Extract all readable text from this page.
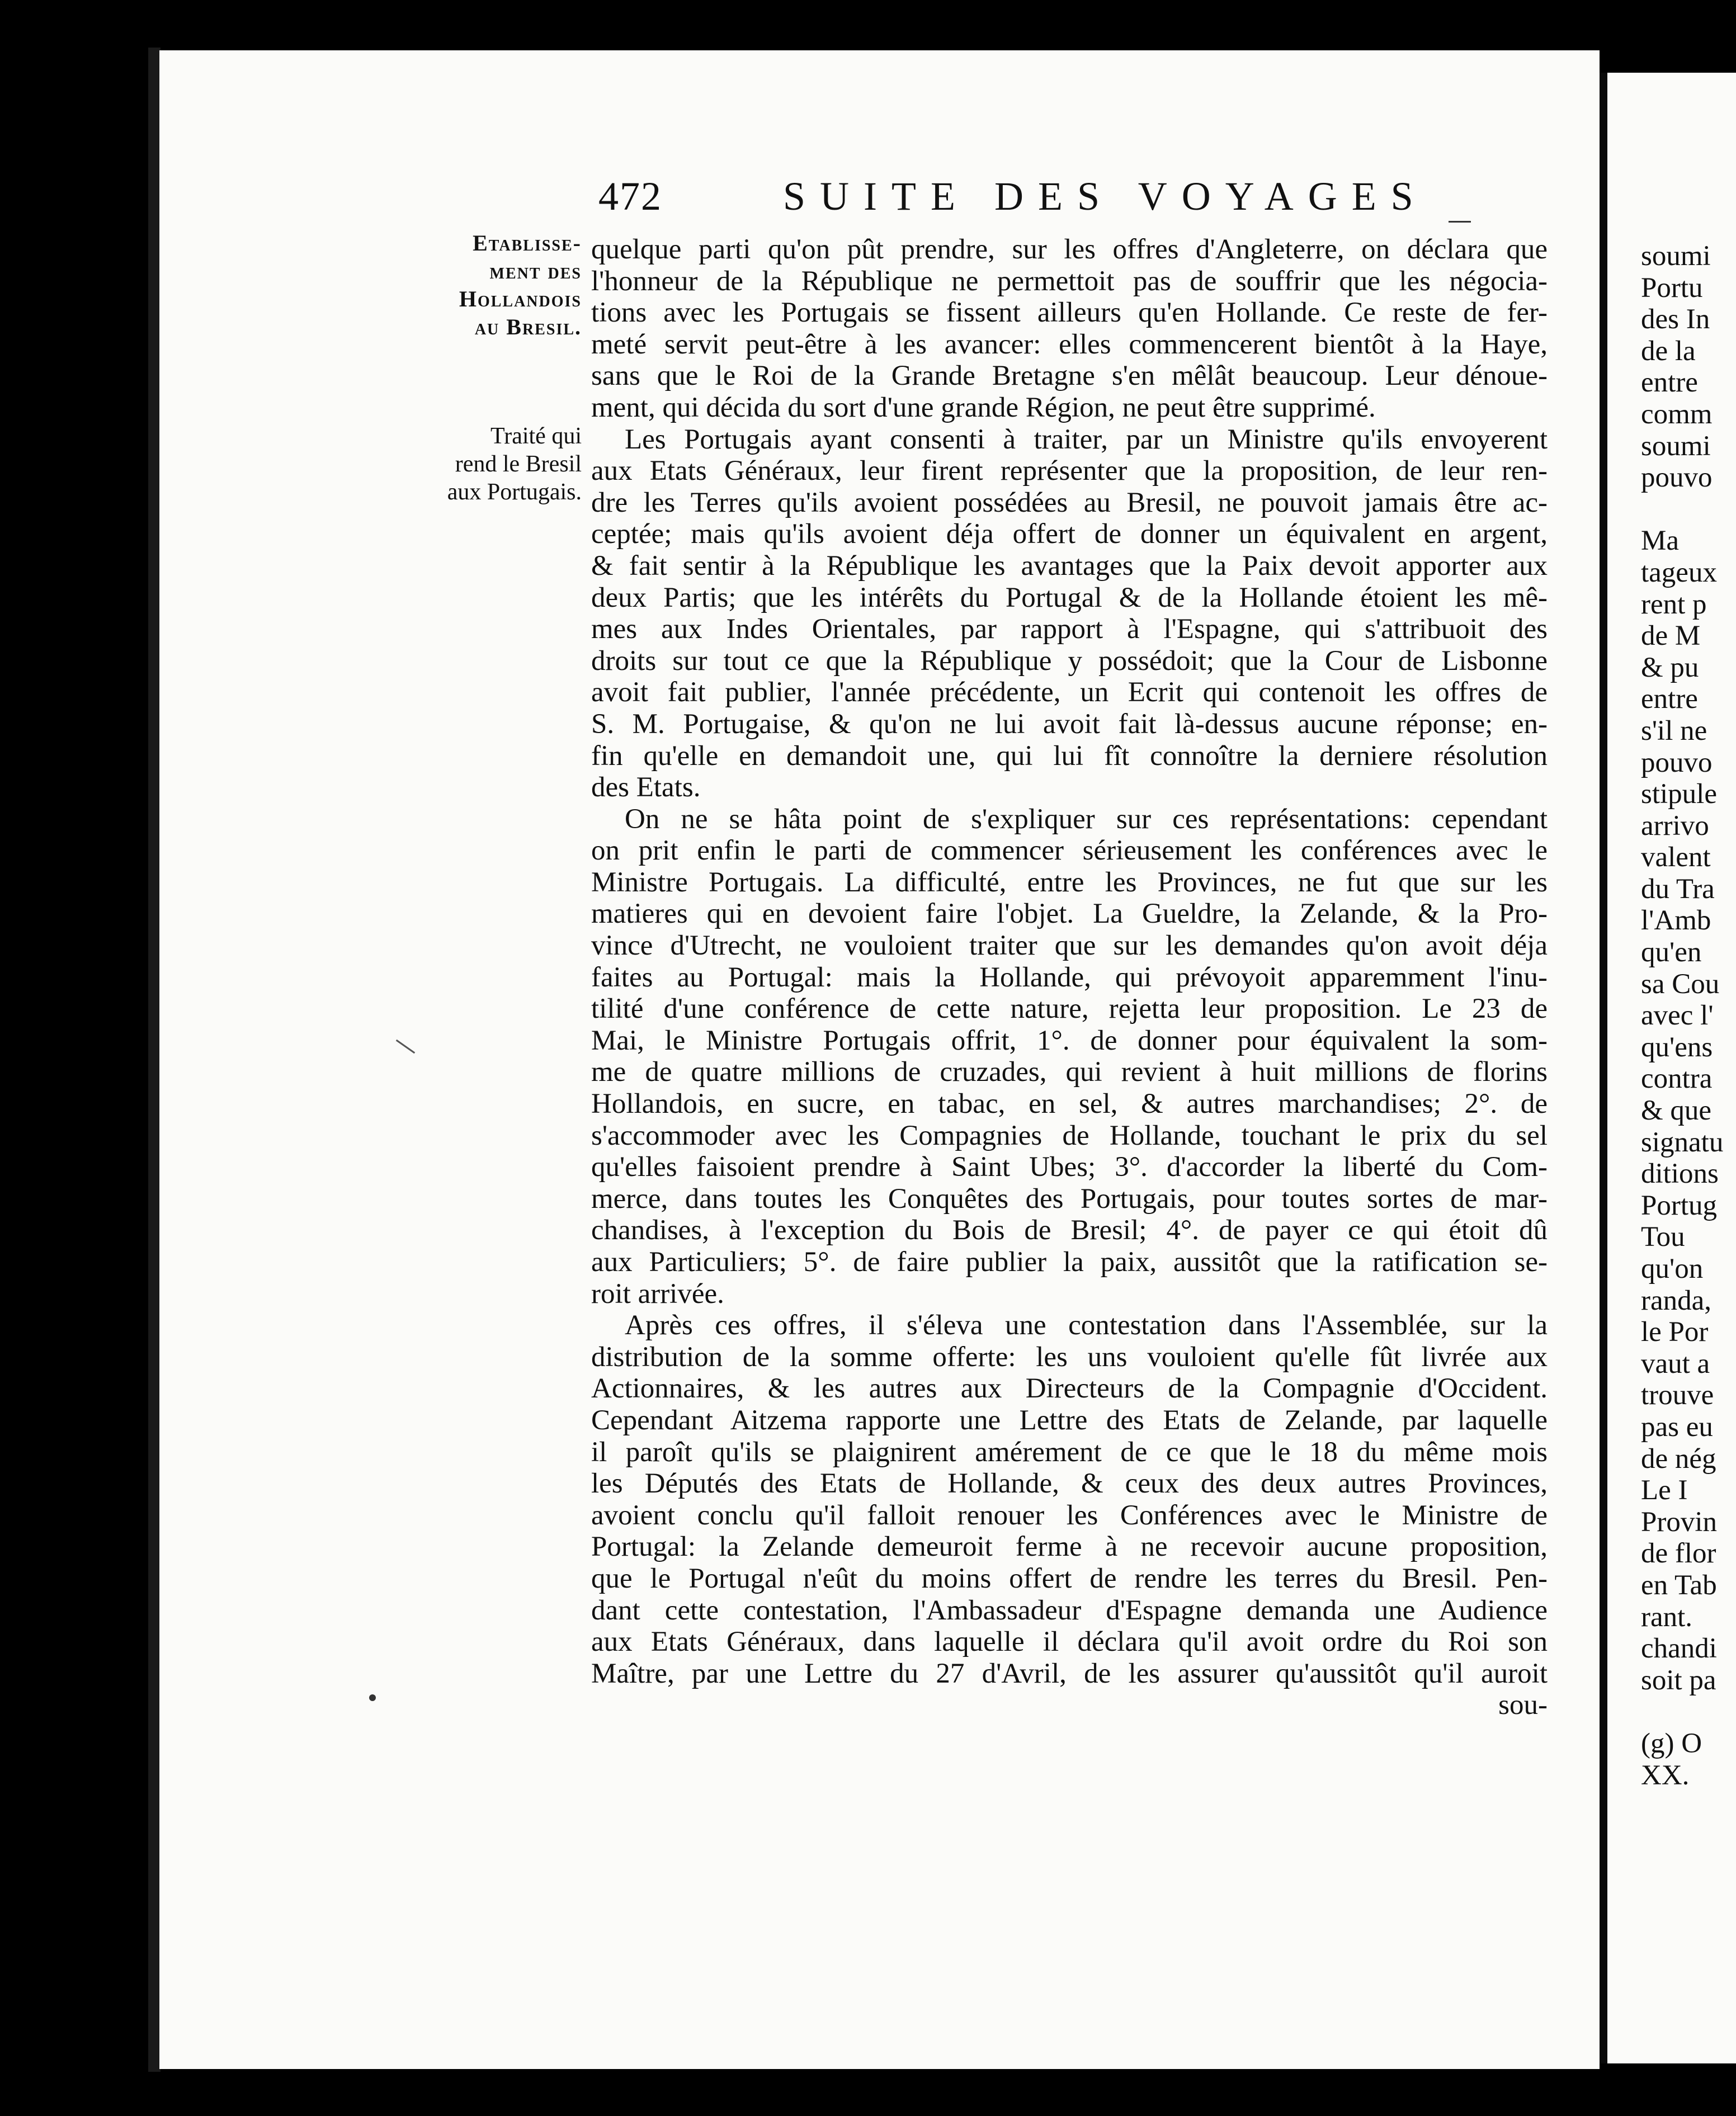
472	SUITE DES VOYAGES
Etablisse-
ment des
Hollandois
au Bresil.
Traité qui
rend le Bresil
aux Portugais.
quelque parti qu'on pût prendre, sur les offres d'Angleterre, on déclara que
l'honneur de la République ne permettoit pas de souffrir que les négocia-
tions avec les Portugais se fissent ailleurs qu'en Hollande. Ce reste de fer-
meté servit peut-être à les avancer: elles commencerent bientôt à la Haye,
sans que le Roi de la Grande Bretagne s'en mêlât beaucoup. Leur dénoue-
ment, qui décida du sort d'une grande Région, ne peut être supprimé.
Les Portugais ayant consenti à traiter, par un Ministre qu'ils envoyerent
aux Etats Généraux, leur firent représenter que la proposition, de leur ren-
dre les Terres qu'ils avoient possédées au Bresil, ne pouvoit jamais être ac-
ceptée; mais qu'ils avoient déja offert de donner un équivalent en argent,
& fait sentir à la République les avantages que la Paix devoit apporter aux
deux Partis; que les intérêts du Portugal & de la Hollande étoient les mê-
mes aux Indes Orientales, par rapport à l'Espagne, qui s'attribuoit des
droits sur tout ce que la République y possédoit; que la Cour de Lisbonne
avoit fait publier, l'année précédente, un Ecrit qui contenoit les offres de
S. M. Portugaise, & qu'on ne lui avoit fait là-dessus aucune réponse; en-
fin qu'elle en demandoit une, qui lui fît connoître la derniere résolution
des Etats.
On ne se hâta point de s'expliquer sur ces représentations: cependant
on prit enfin le parti de commencer sérieusement les conférences avec le
Ministre Portugais. La difficulté, entre les Provinces, ne fut que sur les
matieres qui en devoient faire l'objet. La Gueldre, la Zelande, & la Pro-
vince d'Utrecht, ne vouloient traiter que sur les demandes qu'on avoit déja
faites au Portugal: mais la Hollande, qui prévoyoit apparemment l'inu-
tilité d'une conférence de cette nature, rejetta leur proposition. Le 23 de
Mai, le Ministre Portugais offrit, 1°. de donner pour équivalent la som-
me de quatre millions de cruzades, qui revient à huit millions de florins
Hollandois, en sucre, en tabac, en sel, & autres marchandises; 2°. de
s'accommoder avec les Compagnies de Hollande, touchant le prix du sel
qu'elles faisoient prendre à Saint Ubes; 3°. d'accorder la liberté du Com-
merce, dans toutes les Conquêtes des Portugais, pour toutes sortes de mar-
chandises, à l'exception du Bois de Bresil; 4°. de payer ce qui étoit dû
aux Particuliers; 5°. de faire publier la paix, aussitôt que la ratification se-
roit arrivée.
Après ces offres, il s'éleva une contestation dans l'Assemblée, sur la
distribution de la somme offerte: les uns vouloient qu'elle fût livrée aux
Actionnaires, & les autres aux Directeurs de la Compagnie d'Occident.
Cependant Aitzema rapporte une Lettre des Etats de Zelande, par laquelle
il paroît qu'ils se plaignirent amérement de ce que le 18 du même mois
les Députés des Etats de Hollande, & ceux des deux autres Provinces,
avoient conclu qu'il falloit renouer les Conférences avec le Ministre de
Portugal: la Zelande demeuroit ferme à ne recevoir aucune proposition,
que le Portugal n'eût du moins offert de rendre les terres du Bresil. Pen-
dant cette contestation, l'Ambassadeur d'Espagne demanda une Audience
aux Etats Généraux, dans laquelle il déclara qu'il avoit ordre du Roi son
Maître, par une Lettre du 27 d'Avril, de les assurer qu'aussitôt qu'il auroit
sou-
soumi
Portu
des In
de la
entre
comm
soumi
pouvo

Ma
tageux
rent p
de M
& pu
entre
s'il ne
pouvo
stipule
arrivo
valent
du Tra
l'Amb
qu'en
sa Cou
avec l'
qu'ens
contra
& que
signatu
ditions
Portug
Tou
qu'on
randa,
le Por
vaut a
trouve
pas eu
de nég
Le I
Provin
de flor
en Tab
rant.
chandi
soit pa

(g) O
XX.
